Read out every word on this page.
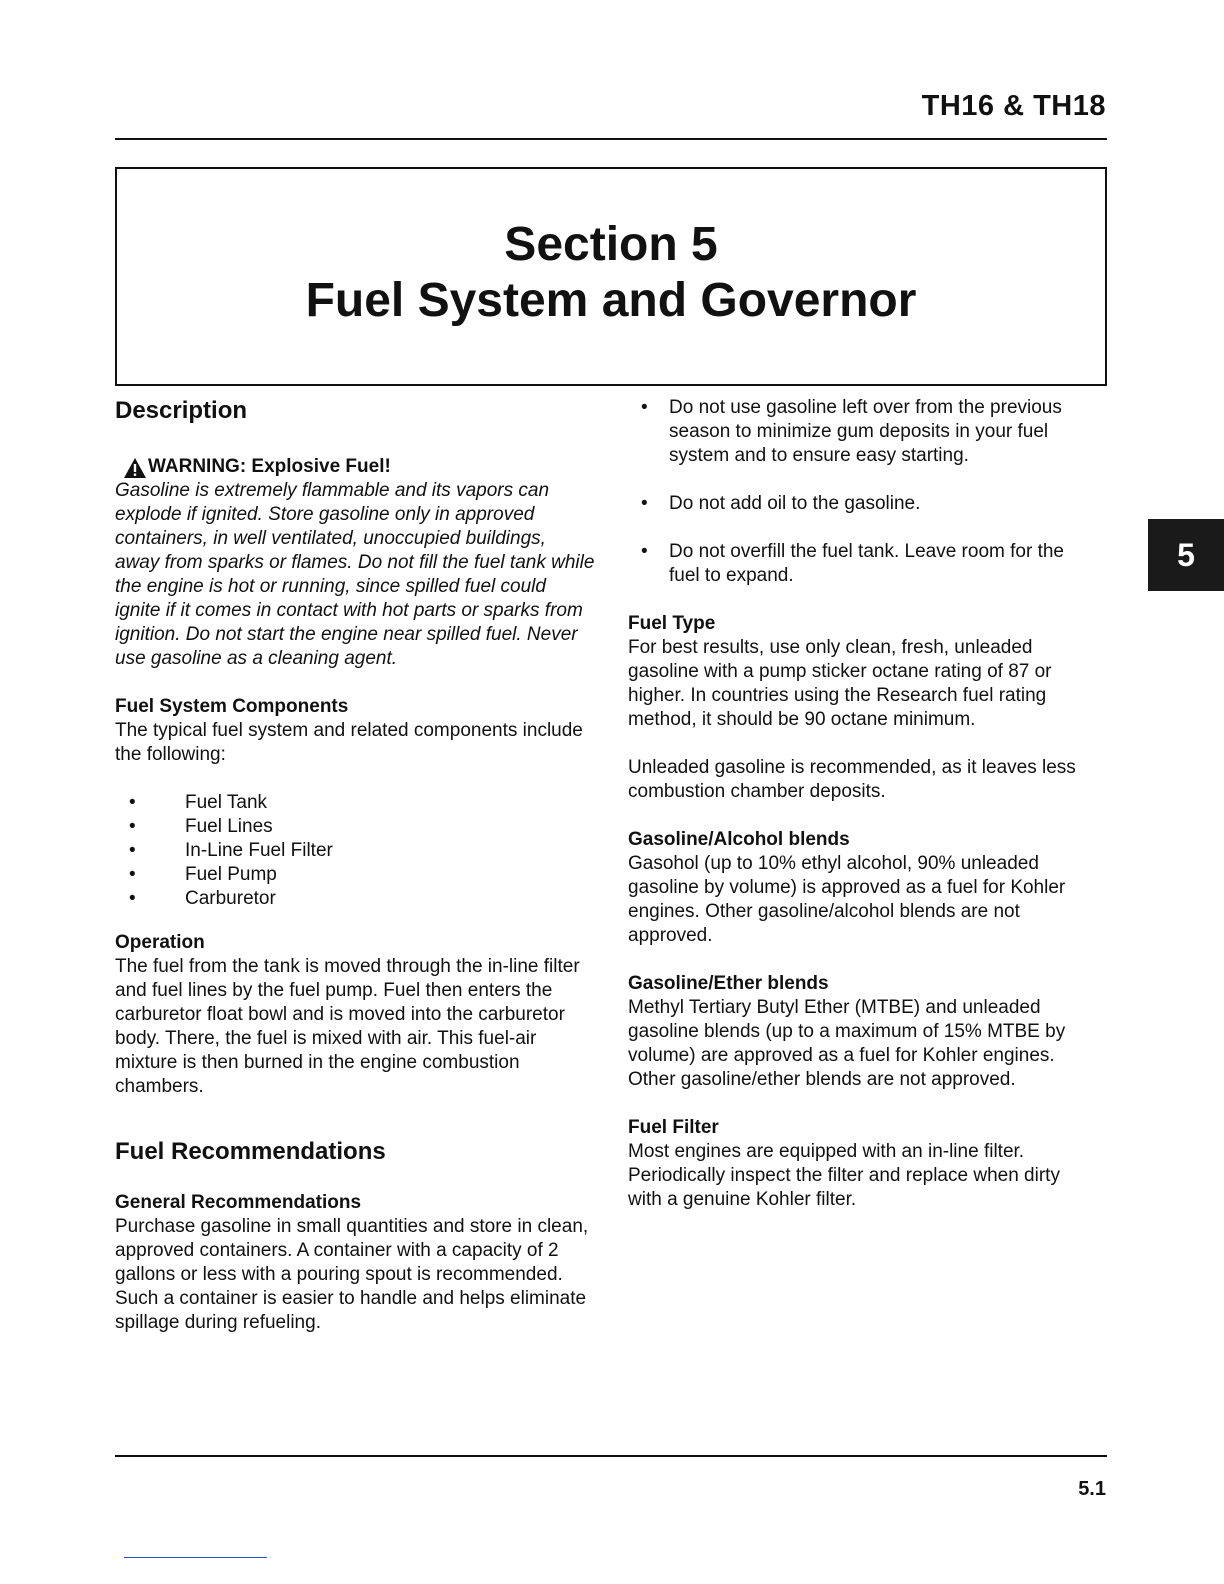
TH16 & TH18
Section 5
Fuel System and Governor
5
Description
WARNING: Explosive Fuel!

Gasoline is extremely flammable and its vapors can explode if ignited. Store gasoline only in approved containers, in well ventilated, unoccupied buildings, away from sparks or flames. Do not fill the fuel tank while the engine is hot or running, since spilled fuel could ignite if it comes in contact with hot parts or sparks from ignition. Do not start the engine near spilled fuel. Never use gasoline as a cleaning agent.

Fuel System Components

The typical fuel system and related components include the following:

•	Fuel Tank
•	Fuel Lines
•	In-Line Fuel Filter
•	Fuel Pump
•	Carburetor
Operation

The fuel from the tank is moved through the in-line filter and fuel lines by the fuel pump. Fuel then enters the carburetor float bowl and is moved into the carburetor body. There, the fuel is mixed with air. This fuel-air mixture is then burned in the engine combustion chambers.

Fuel Recommendations
General Recommendations

Purchase gasoline in small quantities and store in clean, approved containers. A container with a capacity of 2 gallons or less with a pouring spout is recommended. Such a container is easier to handle and helps eliminate spillage during refueling.

• Do not use gasoline left over from the previous season to minimize gum deposits in your fuel system and to ensure easy starting.
• Do not add oil to the gasoline.
• Do not overfill the fuel tank. Leave room for the fuel to expand.
Fuel Type

For best results, use only clean, fresh, unleaded gasoline with a pump sticker octane rating of 87 or higher. In countries using the Research fuel rating method, it should be 90 octane minimum.

Unleaded gasoline is recommended, as it leaves less combustion chamber deposits.

Gasoline/Alcohol blends

Gasohol (up to 10% ethyl alcohol, 90% unleaded gasoline by volume) is approved as a fuel for Kohler engines. Other gasoline/alcohol blends are not approved.

Gasoline/Ether blends

Methyl Tertiary Butyl Ether (MTBE) and unleaded gasoline blends (up to a maximum of 15% MTBE by volume) are approved as a fuel for Kohler engines. Other gasoline/ether blends are not approved.

Fuel Filter

Most engines are equipped with an in-line filter. Periodically inspect the filter and replace when dirty with a genuine Kohler filter.

5.1
